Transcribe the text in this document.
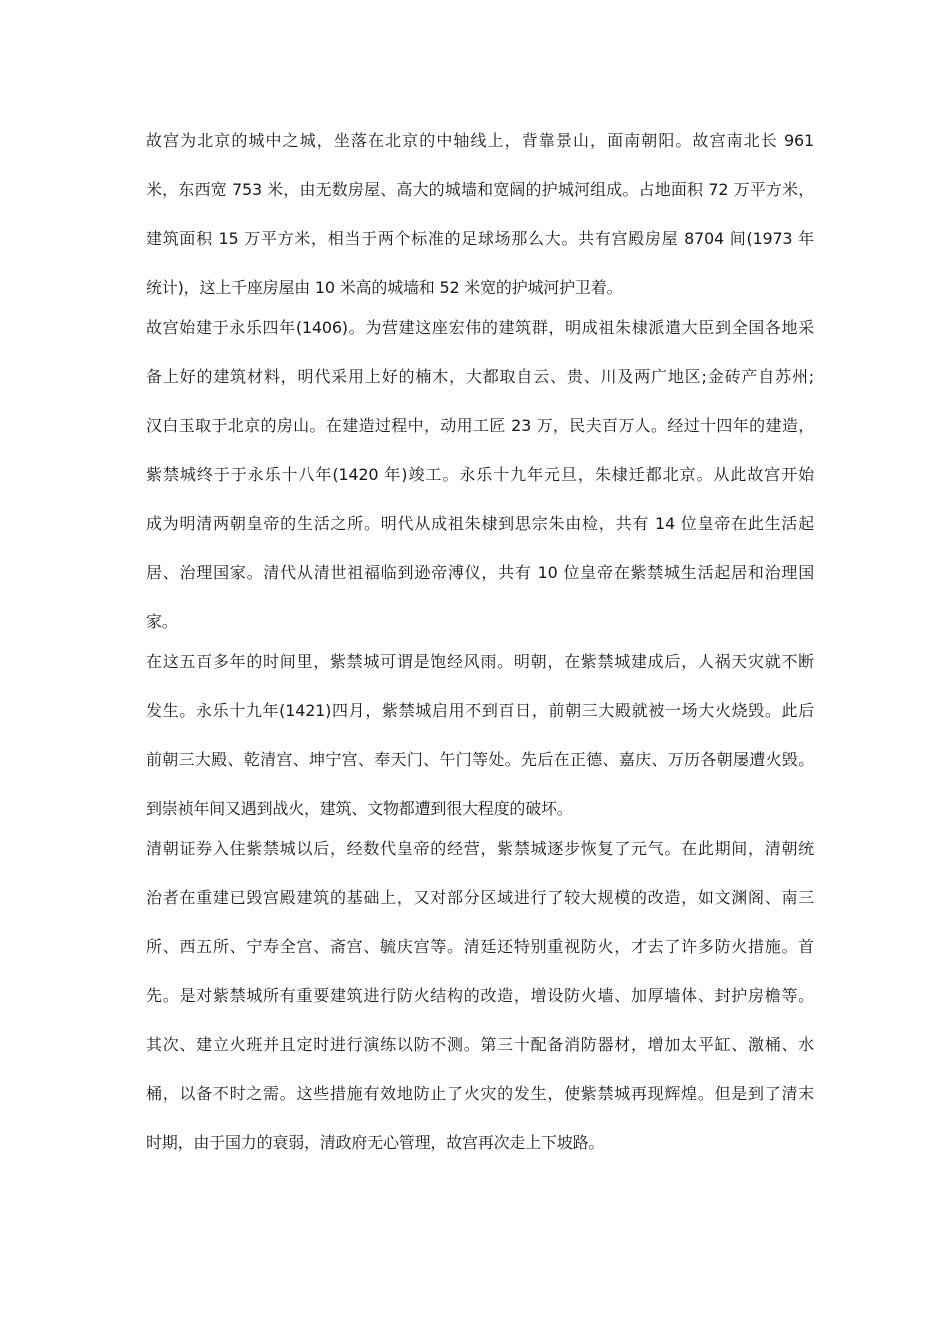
故宫为北京的城中之城，坐落在北京的中轴线上，背靠景山，面南朝阳。故宫南北长 961
米，东西宽 753 米，由无数房屋、高大的城墙和宽阔的护城河组成。占地面积 72 万平方米，
建筑面积 15 万平方米，相当于两个标准的足球场那么大。共有宫殿房屋 8704 间(1973 年
统计)，这上千座房屋由 10 米高的城墙和 52 米宽的护城河护卫着。
故宫始建于永乐四年(1406)。为营建这座宏伟的建筑群，明成祖朱棣派遣大臣到全国各地采
备上好的建筑材料，明代采用上好的楠木，大都取自云、贵、川及两广地区;金砖产自苏州;
汉白玉取于北京的房山。在建造过程中，动用工匠 23 万，民夫百万人。经过十四年的建造，
紫禁城终于于永乐十八年(1420 年)竣工。永乐十九年元旦，朱棣迁都北京。从此故宫开始
成为明清两朝皇帝的生活之所。明代从成祖朱棣到思宗朱由检，共有 14 位皇帝在此生活起
居、治理国家。清代从清世祖福临到逊帝溥仪，共有 10 位皇帝在紫禁城生活起居和治理国
家。
在这五百多年的时间里，紫禁城可谓是饱经风雨。明朝，在紫禁城建成后，人祸天灾就不断
发生。永乐十九年(1421)四月，紫禁城启用不到百日，前朝三大殿就被一场大火烧毁。此后
前朝三大殿、乾清宫、坤宁宫、奉天门、午门等处。先后在正德、嘉庆、万历各朝屡遭火毁。
到崇祯年间又遇到战火，建筑、文物都遭到很大程度的破坏。
清朝证券入住紫禁城以后，经数代皇帝的经营，紫禁城逐步恢复了元气。在此期间，清朝统
治者在重建已毁宫殿建筑的基础上，又对部分区域进行了较大规模的改造，如文渊阁、南三
所、西五所、宁寿全宫、斋宫、毓庆宫等。清廷还特别重视防火，才去了许多防火措施。首
先。是对紫禁城所有重要建筑进行防火结构的改造，增设防火墙、加厚墙体、封护房檐等。
其次、建立火班并且定时进行演练以防不测。第三十配备消防器材，增加太平缸、激桶、水
桶，以备不时之需。这些措施有效地防止了火灾的发生，使紫禁城再现辉煌。但是到了清末
时期，由于国力的衰弱，清政府无心管理，故宫再次走上下坡路。
